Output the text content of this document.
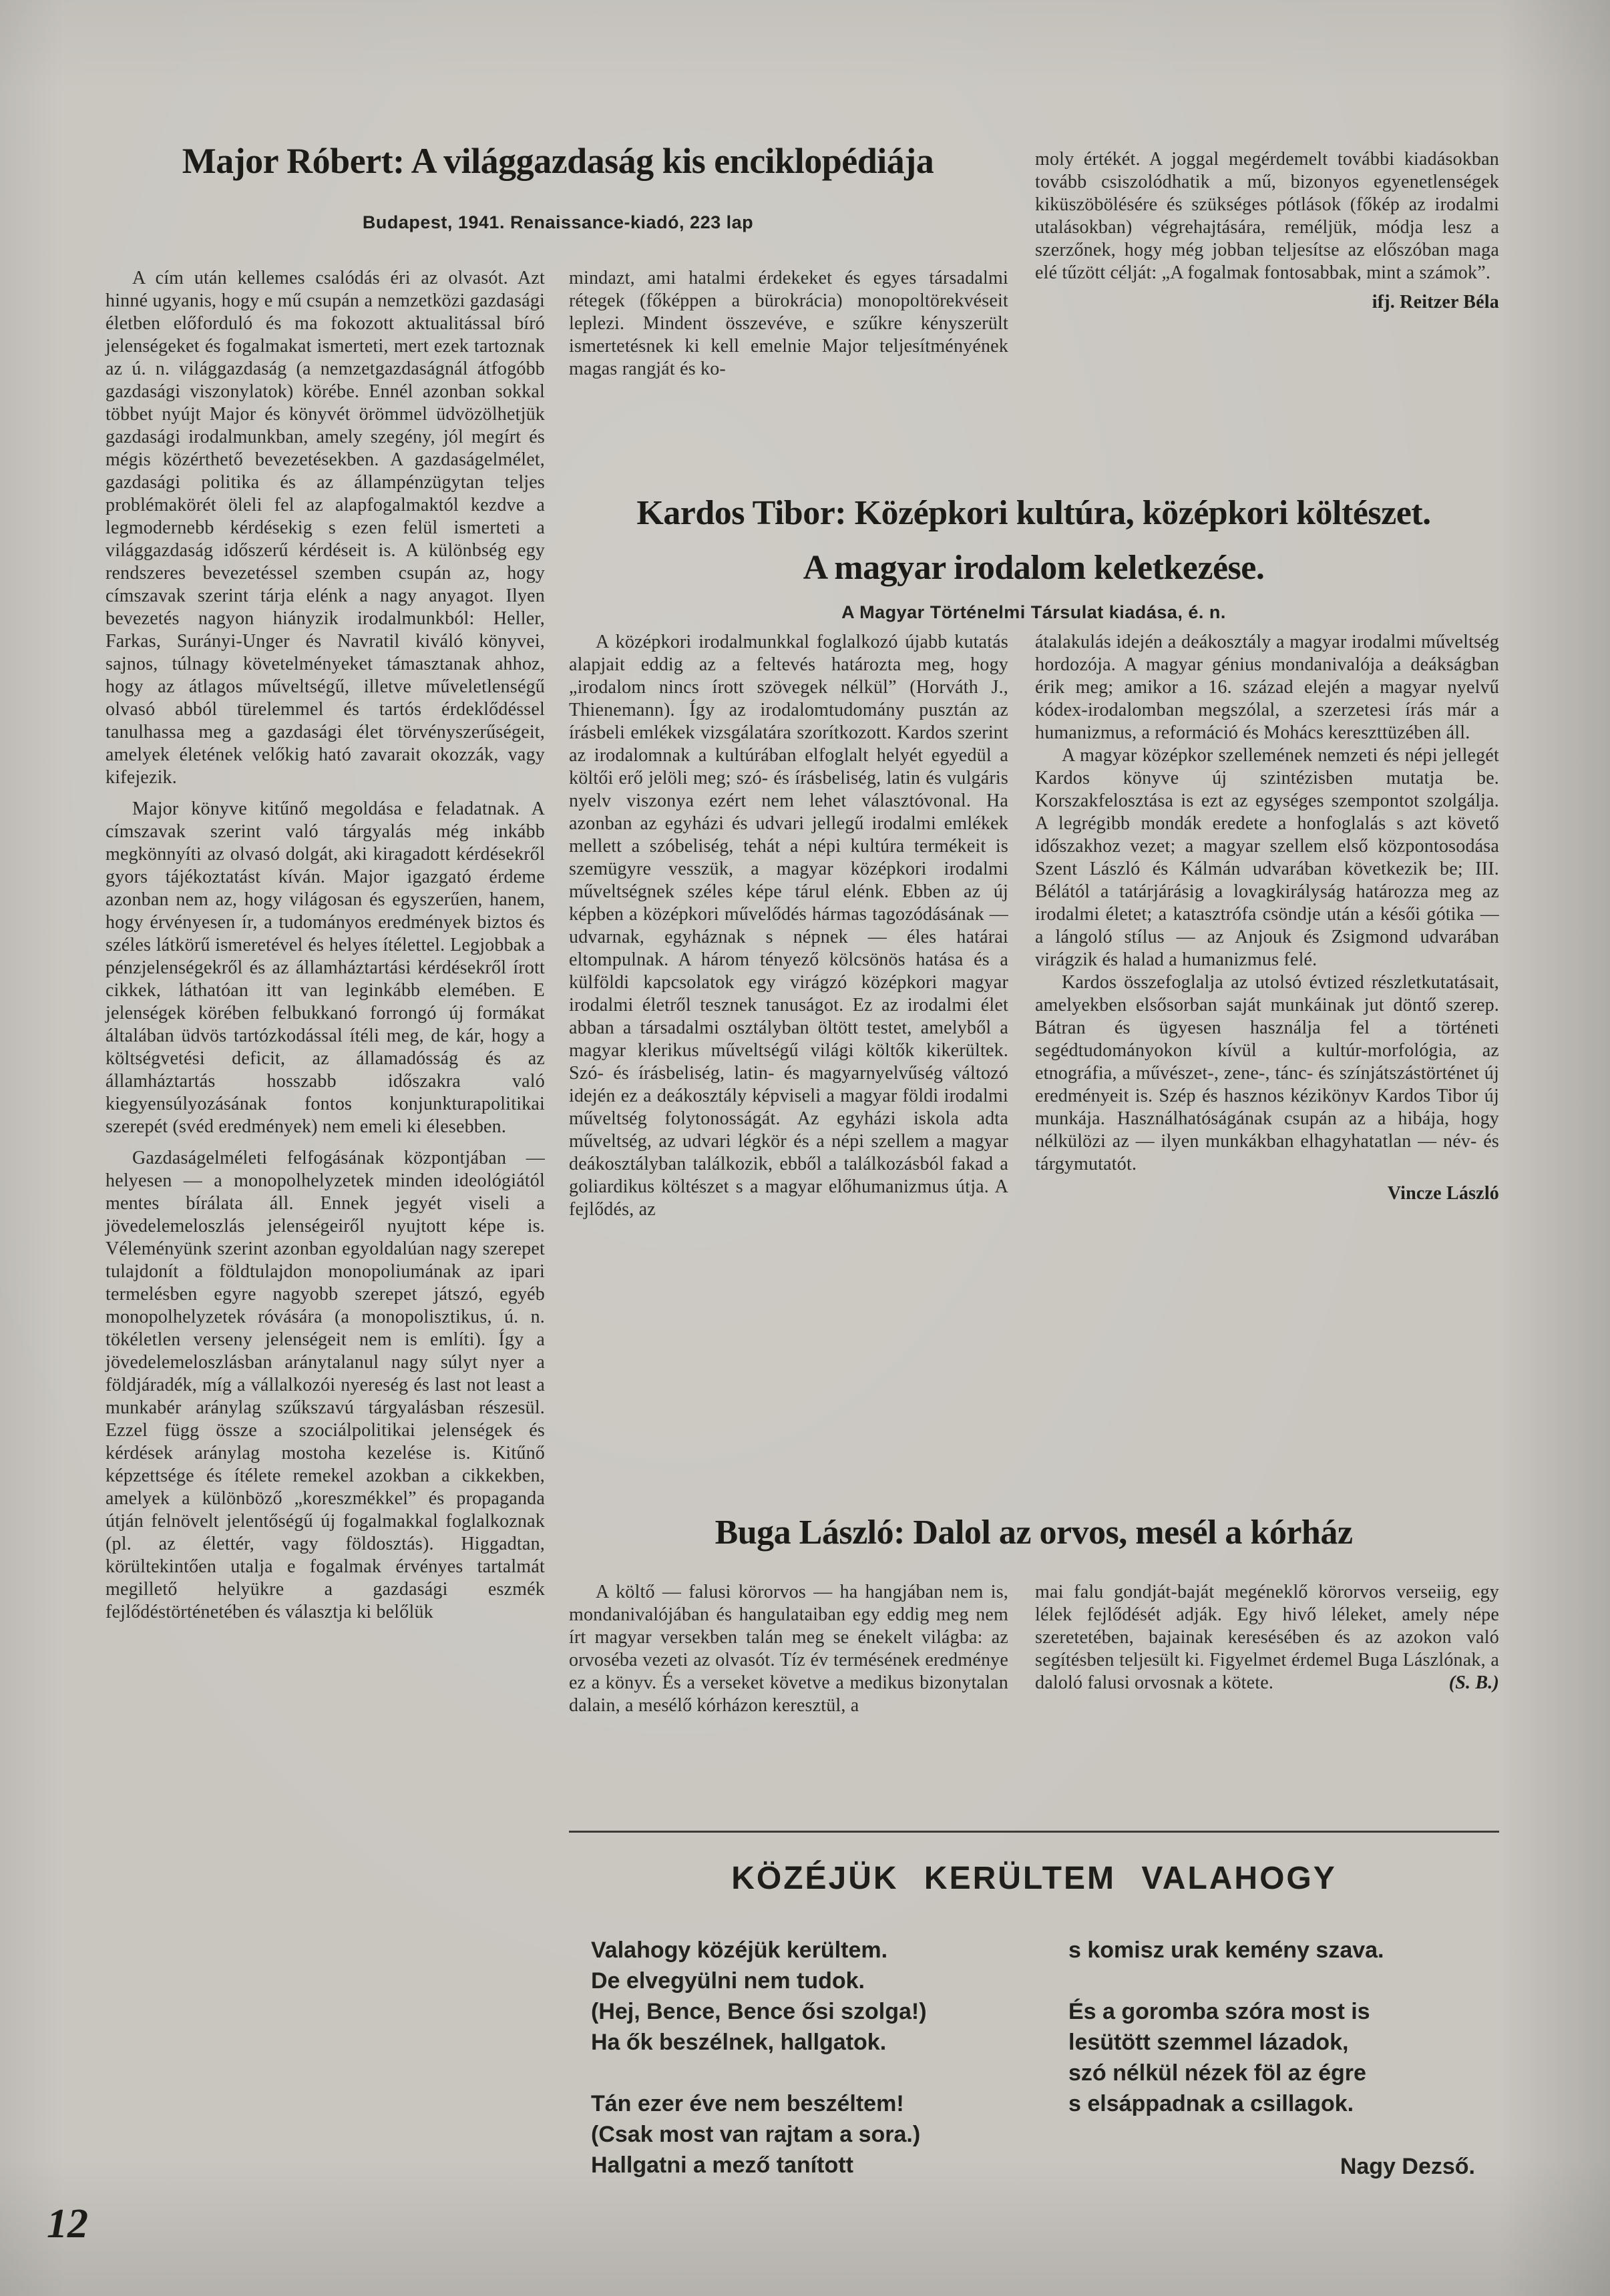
Major Róbert: A világgazdaság kis enciklopédiája
Budapest, 1941. Renaissance-kiadó, 223 lap

A cím után kellemes csalódás éri az olvasót. Azt hinné ugyanis, hogy e mű csupán a nemzetközi gazdasági életben előforduló és ma fokozott aktualitással bíró jelenségeket és fogalmakat ismerteti, mert ezek tartoznak az ú. n. világgazdaság (a nemzetgazdaságnál átfogóbb gazdasági viszonylatok) körébe. Ennél azonban sokkal többet nyújt Major és könyvét örömmel üdvözölhetjük gazdasági irodalmunkban, amely szegény, jól megírt és mégis közérthető bevezetésekben. A gazdaságelmélet, gazdasági politika és az állampénzügytan teljes problémakörét öleli fel az alapfogalmaktól kezdve a legmodernebb kérdésekig s ezen felül ismerteti a világgazdaság időszerű kérdéseit is. A különbség egy rendszeres bevezetéssel szemben csupán az, hogy címszavak szerint tárja elénk a nagy anyagot. Ilyen bevezetés nagyon hiányzik irodalmunkból: Heller, Farkas, Surányi-Unger és Navratil kiváló könyvei, sajnos, túlnagy követelményeket támasztanak ahhoz, hogy az átlagos műveltségű, illetve műveletlenségű olvasó abból türelemmel és tartós érdeklődéssel tanulhassa meg a gazdasági élet törvényszerűségeit, amelyek életének velőkig ható zavarait okozzák, vagy kifejezik.

Major könyve kitűnő megoldása e feladatnak. A címszavak szerint való tárgyalás még inkább megkönnyíti az olvasó dolgát, aki kiragadott kérdésekről gyors tájékoztatást kíván. Major igazgató érdeme azonban nem az, hogy világosan és egyszerűen, hanem, hogy érvényesen ír, a tudományos eredmények biztos és széles látkörű ismeretével és helyes ítélettel. Legjobbak a pénzjelenségekről és az államháztartási kérdésekről írott cikkek, láthatóan itt van leginkább elemében. E jelenségek körében felbukkanó forrongó új formákat általában üdvös tartózkodással ítéli meg, de kár, hogy a költségvetési deficit, az államadósság és az államháztartás hosszabb időszakra való kiegyensúlyozásának fontos konjunkturapolitikai szerepét (svéd eredmények) nem emeli ki élesebben.

Gazdaságelméleti felfogásának központjában — helyesen — a monopolhelyzetek minden ideológiától mentes bírálata áll. Ennek jegyét viseli a jövedelemeloszlás jelenségeiről nyujtott képe is. Véleményünk szerint azonban egyoldalúan nagy szerepet tulajdonít a földtulajdon monopoliumának az ipari termelésben egyre nagyobb szerepet játszó, egyéb monopolhelyzetek róvására (a monopolisztikus, ú. n. tökéletlen verseny jelenségeit nem is említi). Így a jövedelemeloszlásban aránytalanul nagy súlyt nyer a földjáradék, míg a vállalkozói nyereség és last not least a munkabér aránylag szűkszavú tárgyalásban részesül. Ezzel függ össze a szociálpolitikai jelenségek és kérdések aránylag mostoha kezelése is. Kitűnő képzettsége és ítélete remekel azokban a cikkekben, amelyek a különböző „koreszmékkel” és propaganda útján felnövelt jelentőségű új fogalmakkal foglalkoznak (pl. az élettér, vagy földosztás). Higgadtan, körültekintően utalja e fogalmak érvényes tartalmát megillető helyükre a gazdasági eszmék fejlődéstörténetében és választja ki belőlük

mindazt, ami hatalmi érdekeket és egyes társadalmi rétegek (főképpen a bürokrácia) monopoltörekvéseit leplezi. Mindent összevéve, e szűkre kényszerült ismertetésnek ki kell emelnie Major teljesítményének magas rangját és ko-

moly értékét. A joggal megérdemelt további kiadásokban tovább csiszolódhatik a mű, bizonyos egyenetlenségek kiküszöbölésére és szükséges pótlások (főkép az irodalmi utalásokban) végrehajtására, reméljük, módja lesz a szerzőnek, hogy még jobban teljesítse az előszóban maga elé tűzött célját: „A fogalmak fontosabbak, mint a számok”.

ifj. Reitzer Béla
Kardos Tibor: Középkori kultúra, középkori költészet.
A magyar irodalom keletkezése.
A Magyar Történelmi Társulat kiadása, é. n.

A középkori irodalmunkkal foglalkozó újabb kutatás alapjait eddig az a feltevés határozta meg, hogy „irodalom nincs írott szövegek nélkül” (Horváth J., Thienemann). Így az irodalomtudomány pusztán az írásbeli emlékek vizsgálatára szorítkozott. Kardos szerint az irodalomnak a kultúrában elfoglalt helyét egyedül a költői erő jelöli meg; szó- és írásbeliség, latin és vulgáris nyelv viszonya ezért nem lehet választóvonal. Ha azonban az egyházi és udvari jellegű irodalmi emlékek mellett a szóbeliség, tehát a népi kultúra termékeit is szemügyre vesszük, a magyar középkori irodalmi műveltségnek széles képe tárul elénk. Ebben az új képben a középkori művelődés hármas tagozódásának — udvarnak, egyháznak s népnek — éles határai eltompulnak. A három tényező kölcsönös hatása és a külföldi kapcsolatok egy virágzó középkori magyar irodalmi életről tesznek tanuságot. Ez az irodalmi élet abban a társadalmi osztályban öltött testet, amelyből a magyar klerikus műveltségű világi költők kikerültek. Szó- és írásbeliség, latin- és magyarnyelvűség változó idején ez a deákosztály képviseli a magyar földi irodalmi műveltség folytonosságát. Az egyházi iskola adta műveltség, az udvari légkör és a népi szellem a magyar deákosztályban találkozik, ebből a találkozásból fakad a goliardikus költészet s a magyar előhumanizmus útja. A fejlődés, az

átalakulás idején a deákosztály a magyar irodalmi műveltség hordozója. A magyar génius mondanivalója a deákságban érik meg; amikor a 16. század elején a magyar nyelvű kódex-irodalomban megszólal, a szerzetesi írás már a humanizmus, a reformáció és Mohács kereszttüzében áll.

A magyar középkor szellemének nemzeti és népi jellegét Kardos könyve új szintézisben mutatja be. Korszakfelosztása is ezt az egységes szempontot szolgálja. A legrégibb mondák eredete a honfoglalás s azt követő időszakhoz vezet; a magyar szellem első központosodása Szent László és Kálmán udvarában következik be; III. Bélától a tatárjárásig a lovagkirályság határozza meg az irodalmi életet; a katasztrófa csöndje után a késői gótika — a lángoló stílus — az Anjouk és Zsigmond udvarában virágzik és halad a humanizmus felé.

Kardos összefoglalja az utolsó évtized részletkutatásait, amelyekben elsősorban saját munkáinak jut döntő szerep. Bátran és ügyesen használja fel a történeti segédtudományokon kívül a kultúr-morfológia, az etnográfia, a művészet-, zene-, tánc- és színjátszástörténet új eredményeit is. Szép és hasznos kézikönyv Kardos Tibor új munkája. Használhatóságának csupán az a hibája, hogy nélkülözi az — ilyen munkákban elhagyhatatlan — név- és tárgymutatót.

Vincze László
Buga László: Dalol az orvos, mesél a kórház

A költő — falusi körorvos — ha hangjában nem is, mondanivalójában és hangulataiban egy eddig meg nem írt magyar versekben talán meg se énekelt világba: az orvoséba vezeti az olvasót. Tíz év termésének eredménye ez a könyv. És a verseket követve a medikus bizonytalan dalain, a mesélő kórházon keresztül, a

mai falu gondját-baját megéneklő körorvos verseiig, egy lélek fejlődését adják. Egy hivő léleket, amely népe szeretetében, bajainak keresésében és az azokon való segítésben teljesült ki. Figyelmet érdemel Buga Lászlónak, a daloló falusi orvosnak a kötete.	(S. B.)
KÖZÉJÜK KERÜLTEM VALAHOGY
Valahogy közéjük kerültem.
De elvegyülni nem tudok.
(Hej, Bence, Bence ősi szolga!)
Ha ők beszélnek, hallgatok.
Tán ezer éve nem beszéltem!
(Csak most van rajtam a sora.)
Hallgatni a mező tanított
s komisz urak kemény szava.
És a goromba szóra most is
lesütött szemmel lázadok,
szó nélkül nézek föl az égre
s elsáppadnak a csillagok.
Nagy Dezső.
12
